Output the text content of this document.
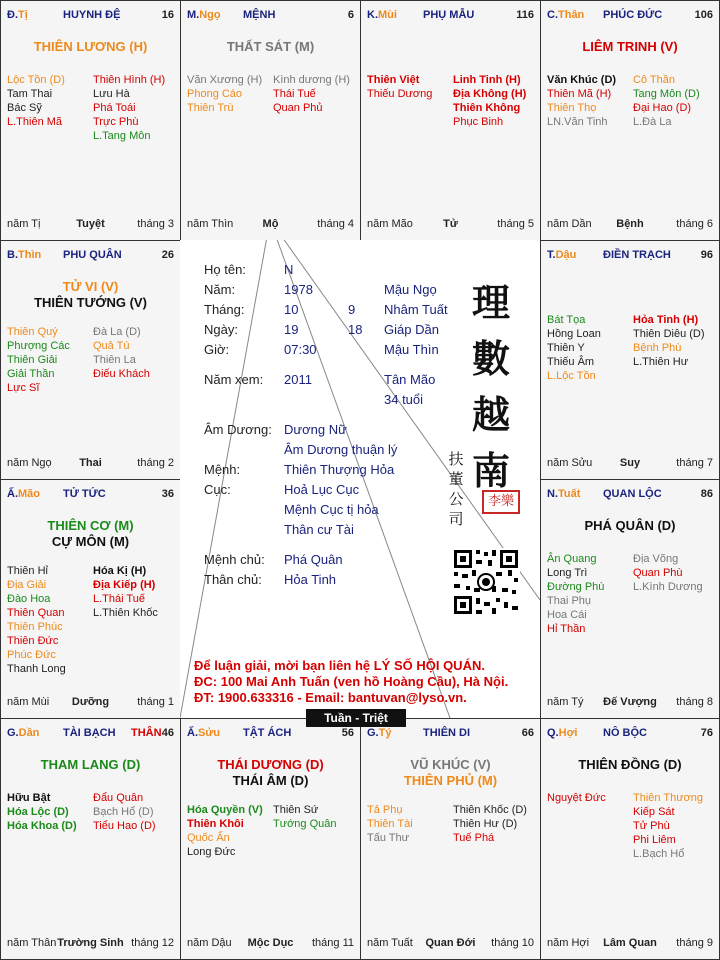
Đ.Tị	HUYNH ĐỆ	16
THIÊN LƯƠNG (H)
Lộc Tồn (D)
Tam Thai
Bác Sỹ
L.Thiên Mã
Thiên Hình (H)
Lưu Hà
Phá Toái
Trực Phù
L.Tang Môn
năm Tị	Tuyệt	tháng 3
M.Ngọ MỆNH	6
THẤT SÁT (M)
Văn Xương (H)
Phong Cáo
Thiên Trù
Kình dương (H)
Thái Tuế
Quan Phủ
năm Thìn	Mộ	tháng 4
K.Mùi PHỤ MẪU	116
Thiên Việt
Thiếu Dương
Linh Tinh (H)
Địa Không (H)
Thiên Không
Phục Binh
năm Mão	Tử	tháng 5
C.Thân PHÚC ĐỨC	106
LIÊM TRINH (V)
Văn Khúc (D)
Thiên Mã (H)
Thiên Thọ
LN.Văn Tinh
Cô Thần
Tang Môn (D)
Đại Hao (D)
L.Đà La
năm Dần	Bệnh	tháng 6
B.Thìn PHU QUÂN	26
TỬ VI (V)
THIÊN TƯỚNG (V)
Thiên Quý
Phượng Các
Thiên Giải
Giải Thần
Lực Sĩ
Đà La (D)
Quả Tú
Thiên La
Điếu Khách
năm Ngọ	Thai	tháng 2
T.Dậu ĐIỀN TRẠCH	96
Bát Tọa
Hồng Loan
Thiên Y
Thiếu Âm
L.Lộc Tồn
Hỏa Tinh (H)
Thiên Diêu (D)
Bệnh Phù
L.Thiên Hư
năm Sửu	Suy	tháng 7
Ấ.Mão TỬ TỨC	36
THIÊN CƠ (M)
CỰ MÔN (M)
Thiên Hỉ
Địa Giải
Đào Hoa
Thiên Quan
Thiên Phúc
Thiên Đức
Phúc Đức
Thanh Long
Hóa Kị (H)
Địa Kiếp (H)
L.Thái Tuế
L.Thiên Khốc
năm Mùi	Dưỡng	tháng 1
N.Tuất QUAN LỘC	86
PHÁ QUÂN (D)
Ân Quang
Long Trì
Đường Phù
Thai Phụ
Hoa Cái
Hỉ Thần
Địa Võng
Quan Phù
L.Kình Dương
năm Tý	Đế Vượng	tháng 8
G.Dần TÀI BẠCH THÂN 46
THAM LANG (D)
Hữu Bật
Hóa Lộc (D)
Hóa Khoa (D)
Đẩu Quân
Bạch Hổ (D)
Tiểu Hao (D)
năm Thân Trường Sinh tháng 12
Ấ.Sửu TẬT ÁCH	56
THÁI DƯƠNG (D)
THÁI ÂM (D)
Hóa Quyền (V)
Thiên Khôi
Quốc Ấn
Long Đức
Thiên Sứ
Tướng Quân
năm Dậu	Mộc Dục	tháng 11
G.Tý	THIÊN DI	66
VŨ KHÚC (V)
THIÊN PHỦ (M)
Tả Phụ
Thiên Tài
Tấu Thư
Thiên Khốc (D)
Thiên Hư (D)
Tuế Phá
năm Tuất	Quan Đới	tháng 10
Q.Hợi NÔ BỘC	76
THIÊN ĐỒNG (D)
Nguyệt Đức	Thiên Thương
Kiếp Sát
Tử Phù
Phi Liêm
L.Bạch Hổ
năm Hợi	Lâm Quan	tháng 9
Họ tên:	N
Năm:	1978	Mậu Ngọ
Tháng:	10	9 Nhâm Tuất
Ngày:	19	18 Giáp Dần
Giờ:	07:30	Mậu Thìn
Năm xem: 2011	Tân Mão
34 tuổi
Âm Dương: Dương Nữ
Âm Dương thuận lý
Mệnh:	Thiên Thượng Hỏa
Cục:	Hoả Lục Cục
Mệnh Cục tị hỏa
Thân cư Tài
Mệnh chủ: Phá Quân
Thân chủ: Hỏa Tinh
理
數
越
南
扶
董
公
司
李樂
Để luận giải, mời bạn liên hệ LÝ SỐ HỘI QUÁN.
ĐC: 100 Mai Anh Tuấn (ven hồ Hoàng Cầu), Hà Nội.
ĐT: 1900.633316 - Email: bantuvan@lyso.vn.
Tuần - Triệt
